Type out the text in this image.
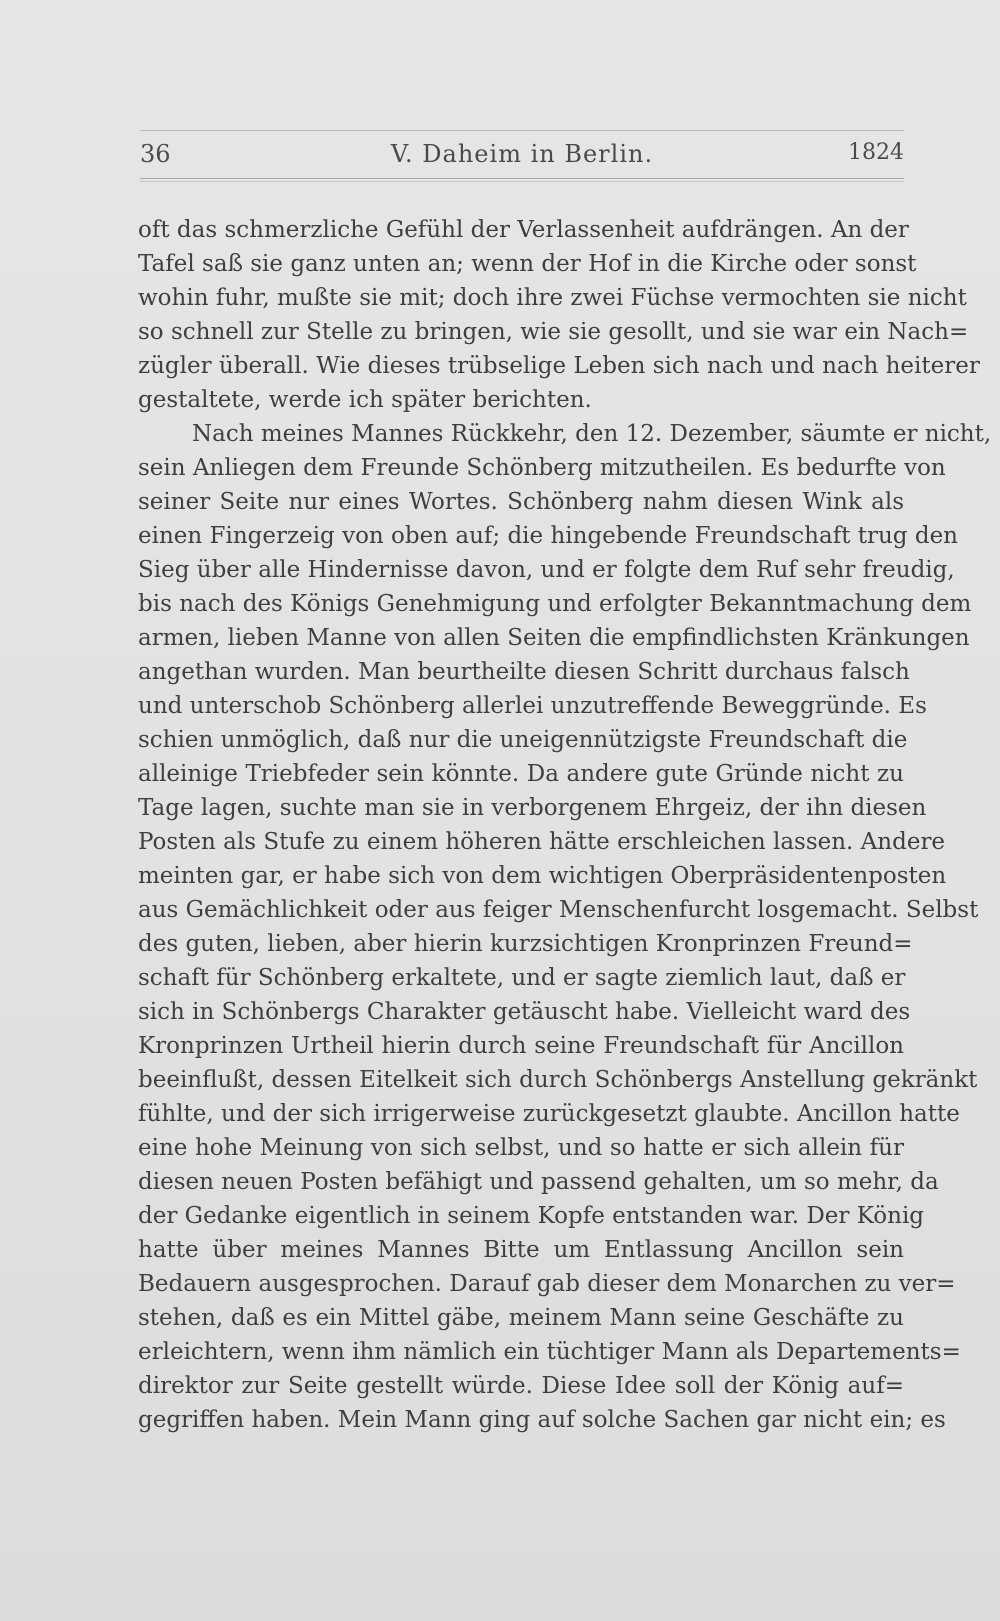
36	V. Daheim in Berlin.	1824
oft das schmerzliche Gefühl der Verlassenheit aufdrängen. An der
Tafel saß sie ganz unten an; wenn der Hof in die Kirche oder sonst
wohin fuhr, mußte sie mit; doch ihre zwei Füchse vermochten sie nicht
so schnell zur Stelle zu bringen, wie sie gesollt, und sie war ein Nach=
zügler überall. Wie dieses trübselige Leben sich nach und nach heiterer
gestaltete, werde ich später berichten.
Nach meines Mannes Rückkehr, den 12. Dezember, säumte er nicht,
sein Anliegen dem Freunde Schönberg mitzutheilen. Es bedurfte von
seiner Seite nur eines Wortes. Schönberg nahm diesen Wink als
einen Fingerzeig von oben auf; die hingebende Freundschaft trug den
Sieg über alle Hindernisse davon, und er folgte dem Ruf sehr freudig,
bis nach des Königs Genehmigung und erfolgter Bekanntmachung dem
armen, lieben Manne von allen Seiten die empfindlichsten Kränkungen
angethan wurden. Man beurtheilte diesen Schritt durchaus falsch
und unterschob Schönberg allerlei unzutreffende Beweggründe. Es
schien unmöglich, daß nur die uneigennützigste Freundschaft die
alleinige Triebfeder sein könnte. Da andere gute Gründe nicht zu
Tage lagen, suchte man sie in verborgenem Ehrgeiz, der ihn diesen
Posten als Stufe zu einem höheren hätte erschleichen lassen. Andere
meinten gar, er habe sich von dem wichtigen Oberpräsidentenposten
aus Gemächlichkeit oder aus feiger Menschenfurcht losgemacht. Selbst
des guten, lieben, aber hierin kurzsichtigen Kronprinzen Freund=
schaft für Schönberg erkaltete, und er sagte ziemlich laut, daß er
sich in Schönbergs Charakter getäuscht habe. Vielleicht ward des
Kronprinzen Urtheil hierin durch seine Freundschaft für Ancillon
beeinflußt, dessen Eitelkeit sich durch Schönbergs Anstellung gekränkt
fühlte, und der sich irrigerweise zurückgesetzt glaubte. Ancillon hatte
eine hohe Meinung von sich selbst, und so hatte er sich allein für
diesen neuen Posten befähigt und passend gehalten, um so mehr, da
der Gedanke eigentlich in seinem Kopfe entstanden war. Der König
hatte über meines Mannes Bitte um Entlassung Ancillon sein
Bedauern ausgesprochen. Darauf gab dieser dem Monarchen zu ver=
stehen, daß es ein Mittel gäbe, meinem Mann seine Geschäfte zu
erleichtern, wenn ihm nämlich ein tüchtiger Mann als Departements=
direktor zur Seite gestellt würde. Diese Idee soll der König auf=
gegriffen haben. Mein Mann ging auf solche Sachen gar nicht ein; es
